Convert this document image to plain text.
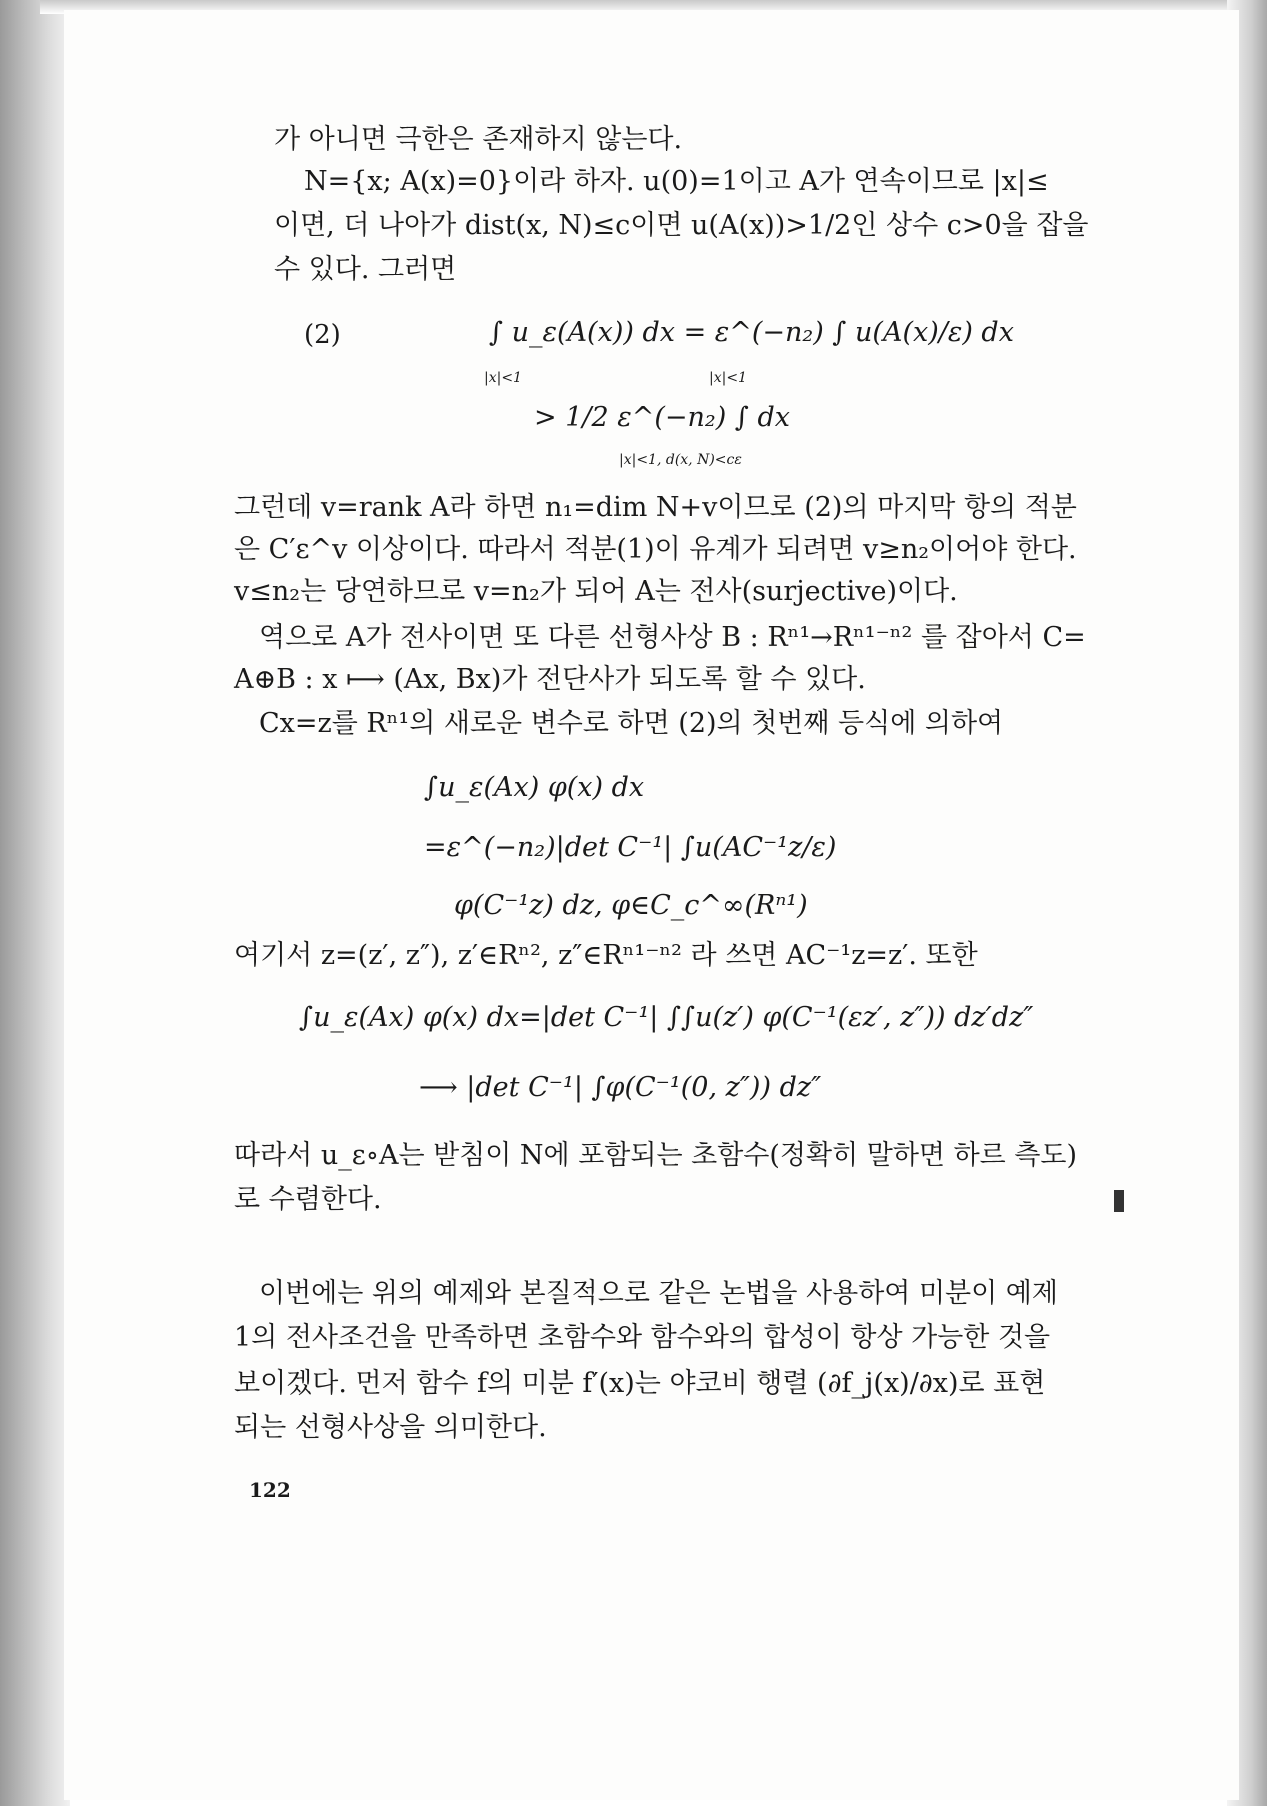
가 아니면 극한은 존재하지 않는다.
N={x; A(x)=0}이라 하자. u(0)=1이고 A가 연속이므로 |x|≤
이면, 더 나아가 dist(x, N)≤c이면 u(A(x))>1/2인 상수 c>0을 잡을
수 있다. 그러면
(2)	∫ u_ε(A(x)) dx = ε^(−n₂) ∫ u(A(x)/ε) dx
|x|<1	|x|<1
> 1/2 ε^(−n₂) ∫ dx
|x|<1, d(x, N)<cε
그런데 v=rank A라 하면 n₁=dim N+v이므로 (2)의 마지막 항의 적분
은 C′ε^v 이상이다. 따라서 적분(1)이 유계가 되려면 v≥n₂이어야 한다.
v≤n₂는 당연하므로 v=n₂가 되어 A는 전사(surjective)이다.
역으로 A가 전사이면 또 다른 선형사상 B : Rⁿ¹→Rⁿ¹⁻ⁿ² 를 잡아서 C=
A⊕B : x ⟼ (Ax, Bx)가 전단사가 되도록 할 수 있다.
Cx=z를 Rⁿ¹의 새로운 변수로 하면 (2)의 첫번째 등식에 의하여
∫u_ε(Ax) φ(x) dx
=ε^(−n₂)|det C⁻¹| ∫u(AC⁻¹z/ε)
φ(C⁻¹z) dz, φ∈C_c^∞(Rⁿ¹)
여기서 z=(z′, z″), z′∈Rⁿ², z″∈Rⁿ¹⁻ⁿ² 라 쓰면 AC⁻¹z=z′. 또한
∫u_ε(Ax) φ(x) dx=|det C⁻¹| ∫∫u(z′) φ(C⁻¹(εz′, z″)) dz′dz″
⟶ |det C⁻¹| ∫φ(C⁻¹(0, z″)) dz″
따라서 u_ε∘A는 받침이 N에 포함되는 초함수(정확히 말하면 하르 측도)
로 수렴한다.
이번에는 위의 예제와 본질적으로 같은 논법을 사용하여 미분이 예제
1의 전사조건을 만족하면 초함수와 함수와의 합성이 항상 가능한 것을
보이겠다. 먼저 함수 f의 미분 f′(x)는 야코비 행렬 (∂f_j(x)/∂x)로 표현
되는 선형사상을 의미한다.
122
